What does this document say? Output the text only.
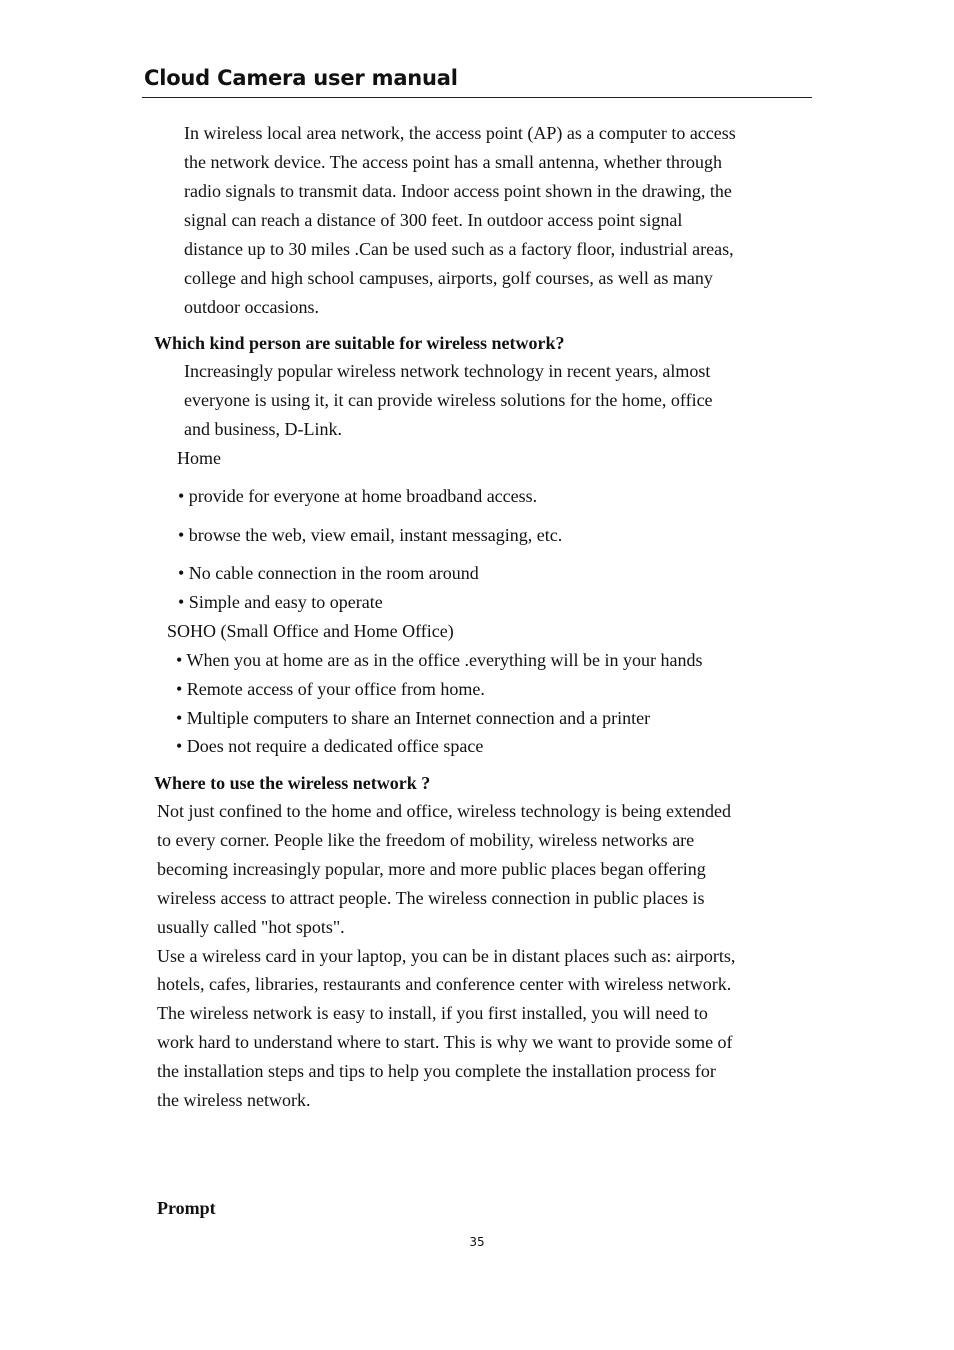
Cloud Camera user manual
In wireless local area network, the access point (AP) as a computer to access
the network device. The access point has a small antenna, whether through
radio signals to transmit data. Indoor access point shown in the drawing, the
signal can reach a distance of 300 feet. In outdoor access point signal
distance up to 30 miles .Can be used such as a factory floor, industrial areas,
college and high school campuses, airports, golf courses, as well as many
outdoor occasions.
Which kind person are suitable for wireless network?
Increasingly popular wireless network technology in recent years, almost
everyone is using it, it can provide wireless solutions for the home, office
and business, D-Link.
Home
• provide for everyone at home broadband access.
• browse the web, view email, instant messaging, etc.
• No cable connection in the room around
• Simple and easy to operate
SOHO (Small Office and Home Office)
• When you at home are as in the office .everything will be in your hands
• Remote access of your office from home.
• Multiple computers to share an Internet connection and a printer
• Does not require a dedicated office space
Where to use the wireless network ?
Not just confined to the home and office, wireless technology is being extended
to every corner. People like the freedom of mobility, wireless networks are
becoming increasingly popular, more and more public places began offering
wireless access to attract people. The wireless connection in public places is
usually called "hot spots".
Use a wireless card in your laptop, you can be in distant places such as: airports,
hotels, cafes, libraries, restaurants and conference center with wireless network.
The wireless network is easy to install, if you first installed, you will need to
work hard to understand where to start. This is why we want to provide some of
the installation steps and tips to help you complete the installation process for
the wireless network.
Prompt
35
